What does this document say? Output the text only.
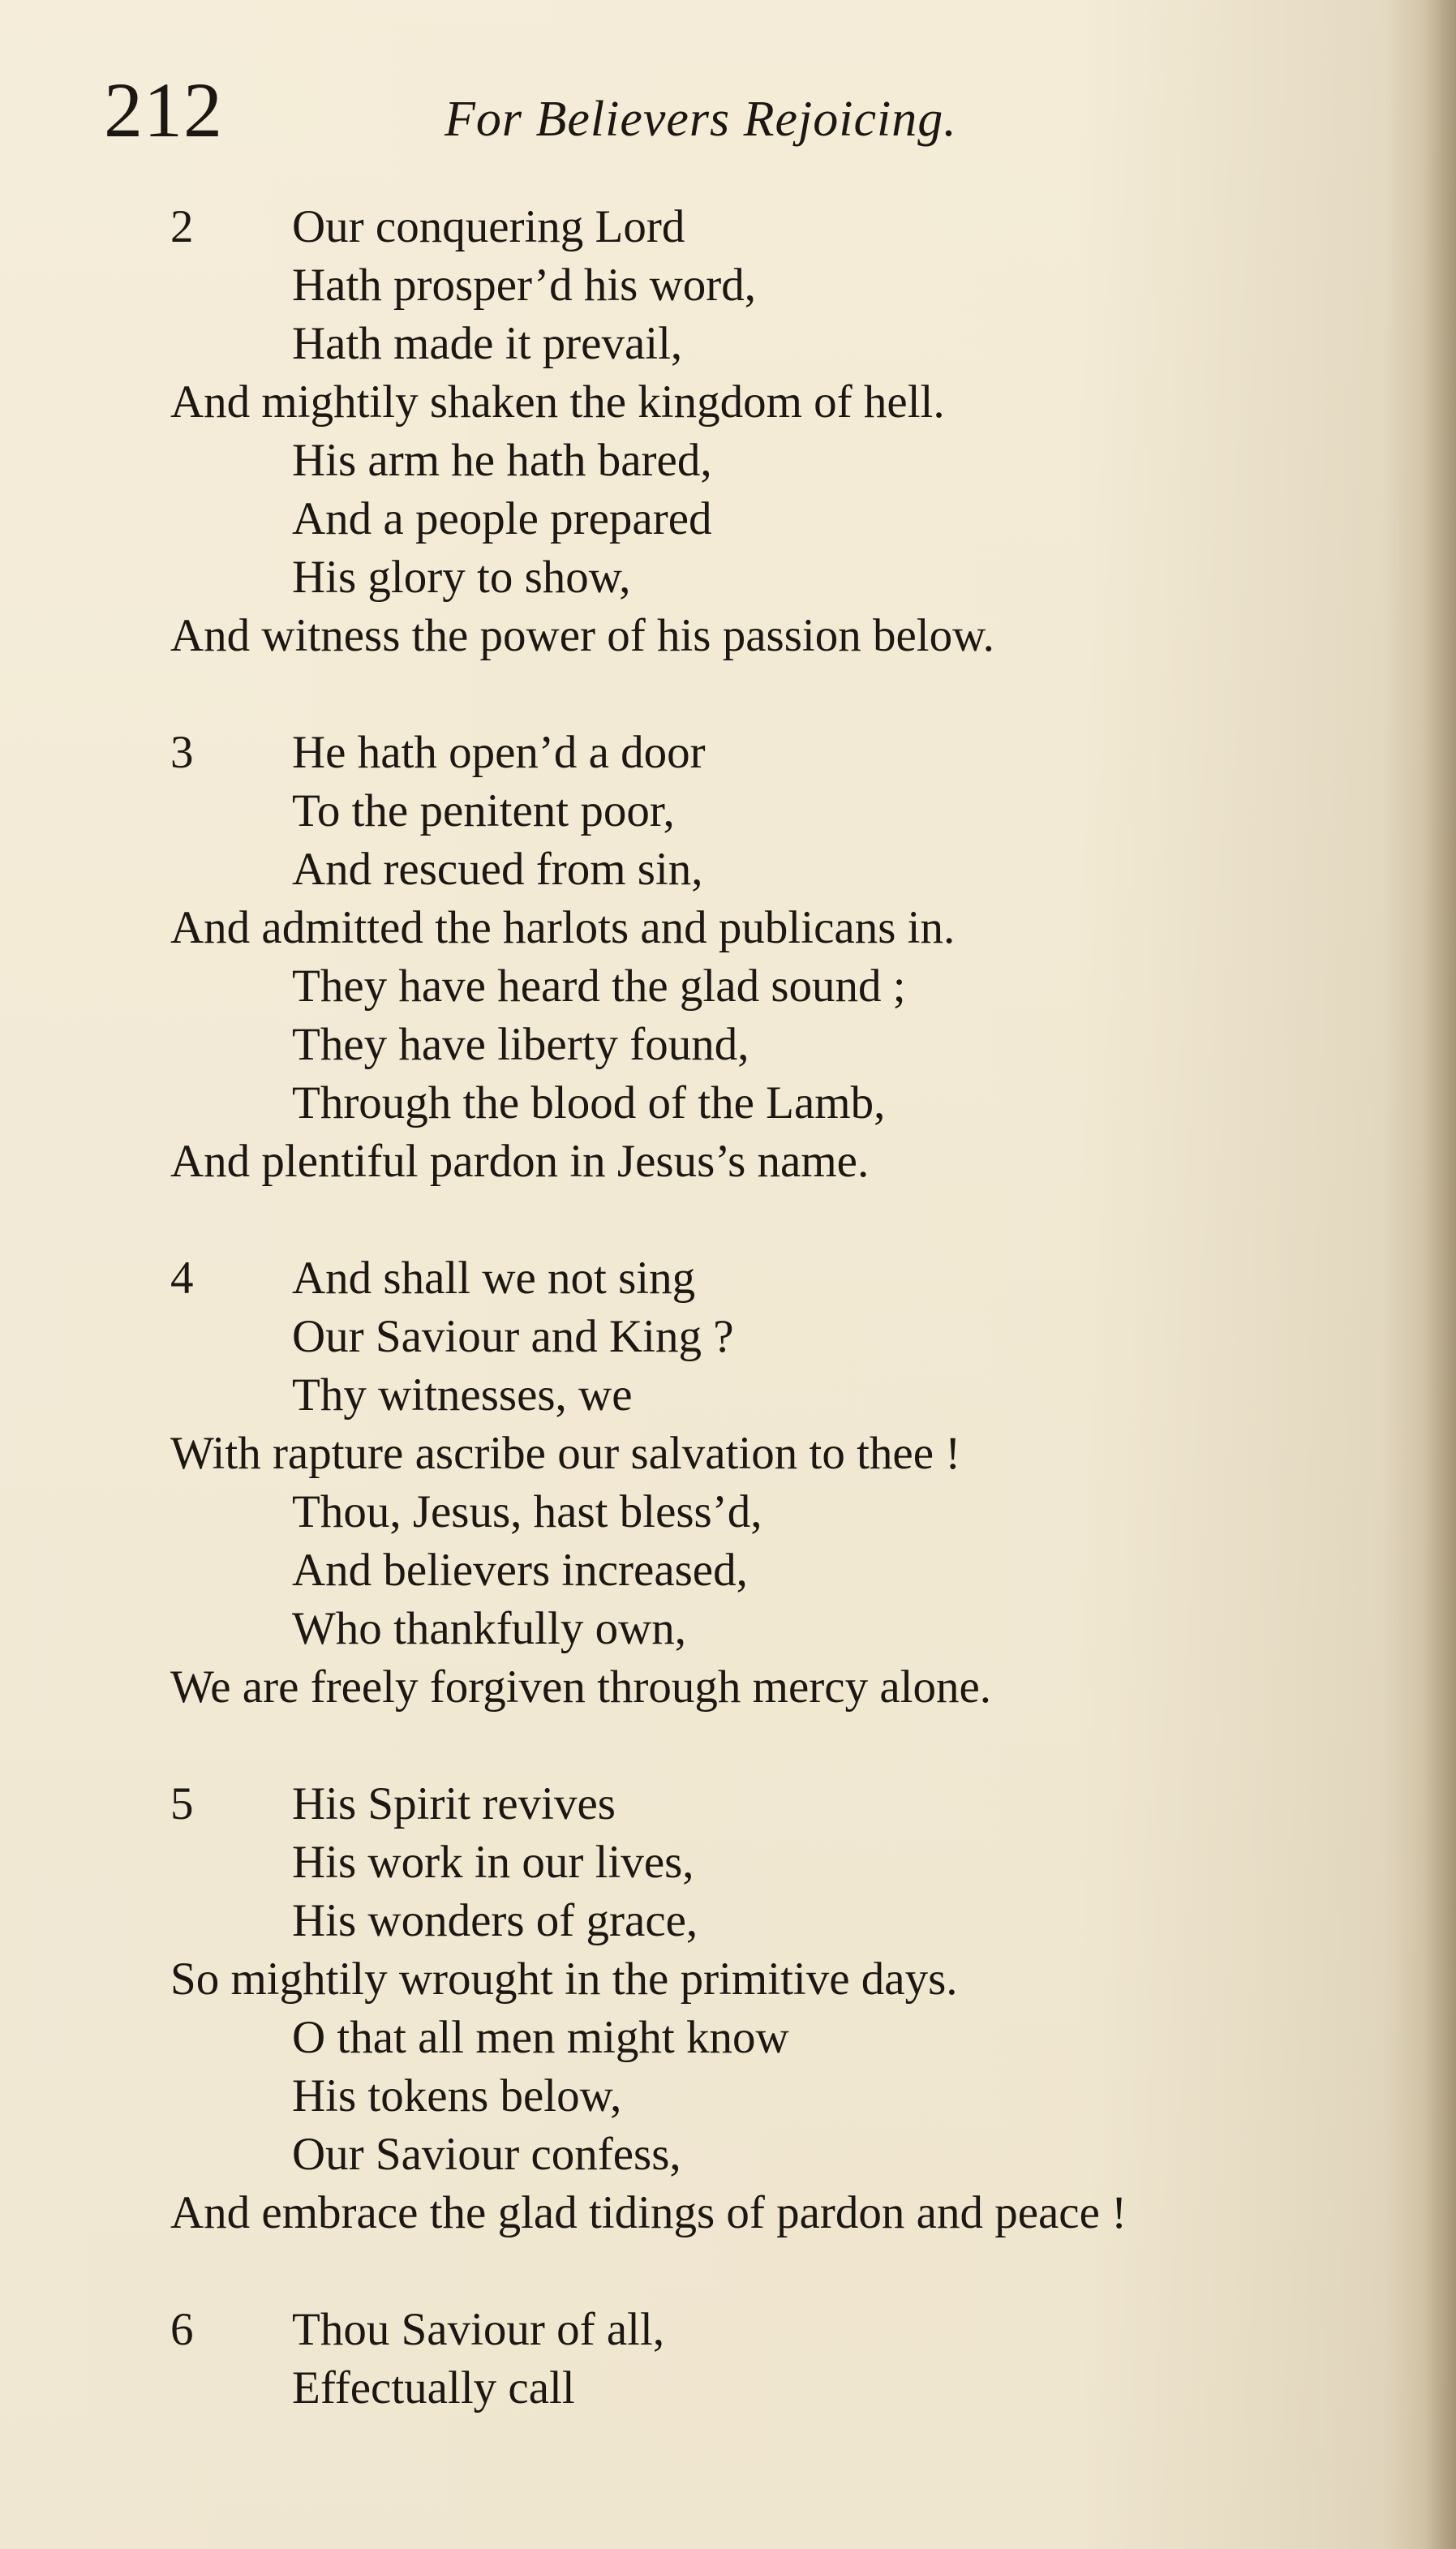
212	For Believers Rejoicing.
2 Our conquering Lord
Hath prosper’d his word,
Hath made it prevail,
And mightily shaken the kingdom of hell.
His arm he hath bared,
And a people prepared
His glory to show,
And witness the power of his passion below.
3 He hath open’d a door
To the penitent poor,
And rescued from sin,
And admitted the harlots and publicans in.
They have heard the glad sound ;
They have liberty found,
Through the blood of the Lamb,
And plentiful pardon in Jesus’s name.
4 And shall we not sing
Our Saviour and King ?
Thy witnesses, we
With rapture ascribe our salvation to thee !
Thou, Jesus, hast bless’d,
And believers increased,
Who thankfully own,
We are freely forgiven through mercy alone.
5 His Spirit revives
His work in our lives,
His wonders of grace,
So mightily wrought in the primitive days.
O that all men might know
His tokens below,
Our Saviour confess,
And embrace the glad tidings of pardon and peace !
6 Thou Saviour of all,
Effectually call
